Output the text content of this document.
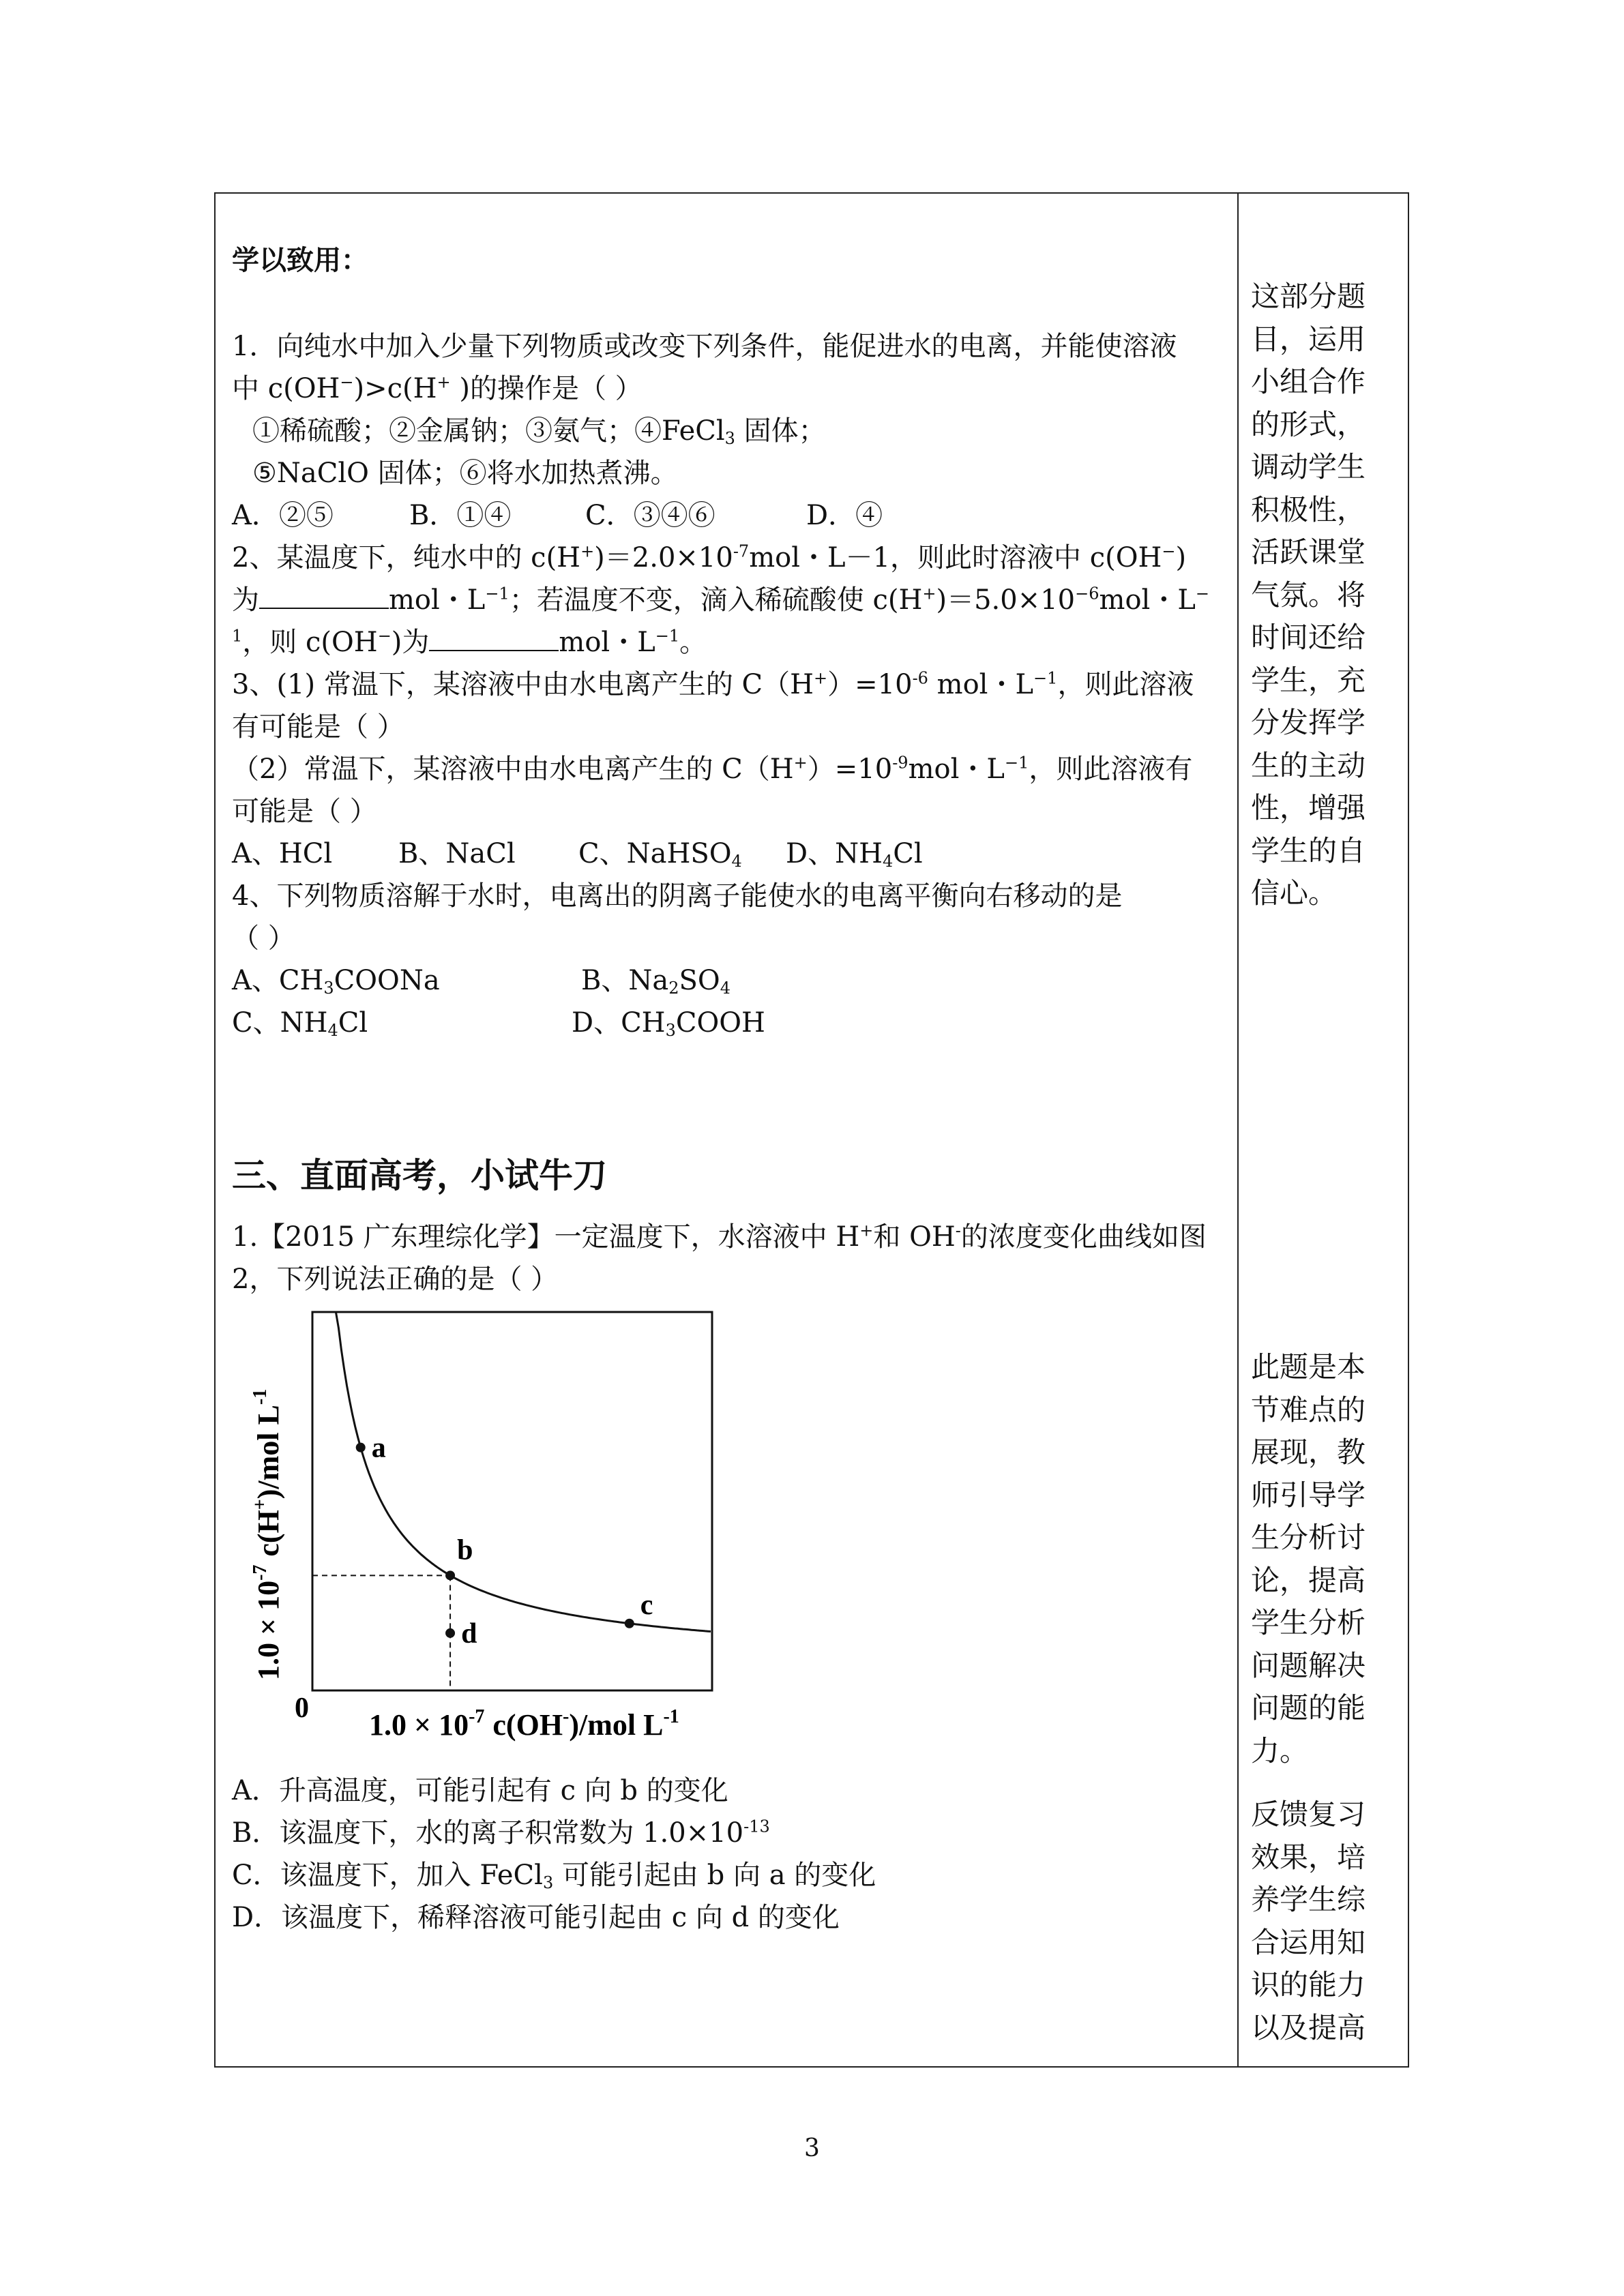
学以致用：
1．向纯水中加入少量下列物质或改变下列条件，能促进水的电离，并能使溶液
中 c(OH−)>c(H+ )的操作是（ ）
①稀硫酸；②金属钠；③氨气；④FeCl$_3$ 固体；
⑤NaClO 固体；⑥将水加热煮沸。
A．②⑤	B．①④	C．③④⑥	D．④
2、某温度下，纯水中的 $c(H^+)=2.0\times 10^{-7}mol$・L－1，则此时溶液中 c(OH−)
为	mol・$L^{-1}$；若温度不变，滴入稀硫酸使 $c(H^+)=5.0\times 10^{-6}mol$・L−
$^1$，则 c(OH−)为	mol・$L^{-1}$。
3、(1) 常温下，某溶液中由水电离产生的 $C(H^+)=10^{-6}$ mol・$L^{-1}$，则此溶液
有可能是（ ）
（2）常温下，某溶液中由水电离产生的 $C(H^+)=10^{-9}mol$・$L^{-1}$，则此溶液有
可能是（ ）
A、HCl B、NaCl C、NaHSO$_4$ D、$NH_4Cl$
4、下列物质溶解于水时，电离出的阴离子能使水的电离平衡向右移动的是
（ ）
A、$CH_3COONa$	B、$Na_2SO_4$
C、$NH_4Cl$	D、$CH_3COOH$
三、直面高考，小试牛刀
1.【2015 广东理综化学】一定温度下，水溶液中 H+和 OH-的浓度变化曲线如图
2，下列说法正确的是（ ）
A．升高温度，可能引起有 c 向 b 的变化
B．该温度下，水的离子积常数为 $1.0\times 10^{-13}$
C．该温度下，加入 FeCl$_3$ 可能引起由 b 向 a 的变化
D．该温度下，稀释溶液可能引起由 c 向 d 的变化
a
b
c
d
0 $1.0 \times 10^{-7}$ c(OH-)/mol $L^{-1}$
$1.0 \times 10^{-7}c(H^+)$/mol $L^{-1}$
这部分题
目，运用
小组合作
的形式，
调动学生
积极性，
活跃课堂
气氛。将
时间还给
学生，充
分发挥学
生的主动
性，增强
学生的自
信心。
此题是本
节难点的
展现，教
师引导学
生分析讨
论，提高
学生分析
问题解决
问题的能
力。
反馈复习
效果，培
养学生综
合运用知
识的能力
以及提高
3
